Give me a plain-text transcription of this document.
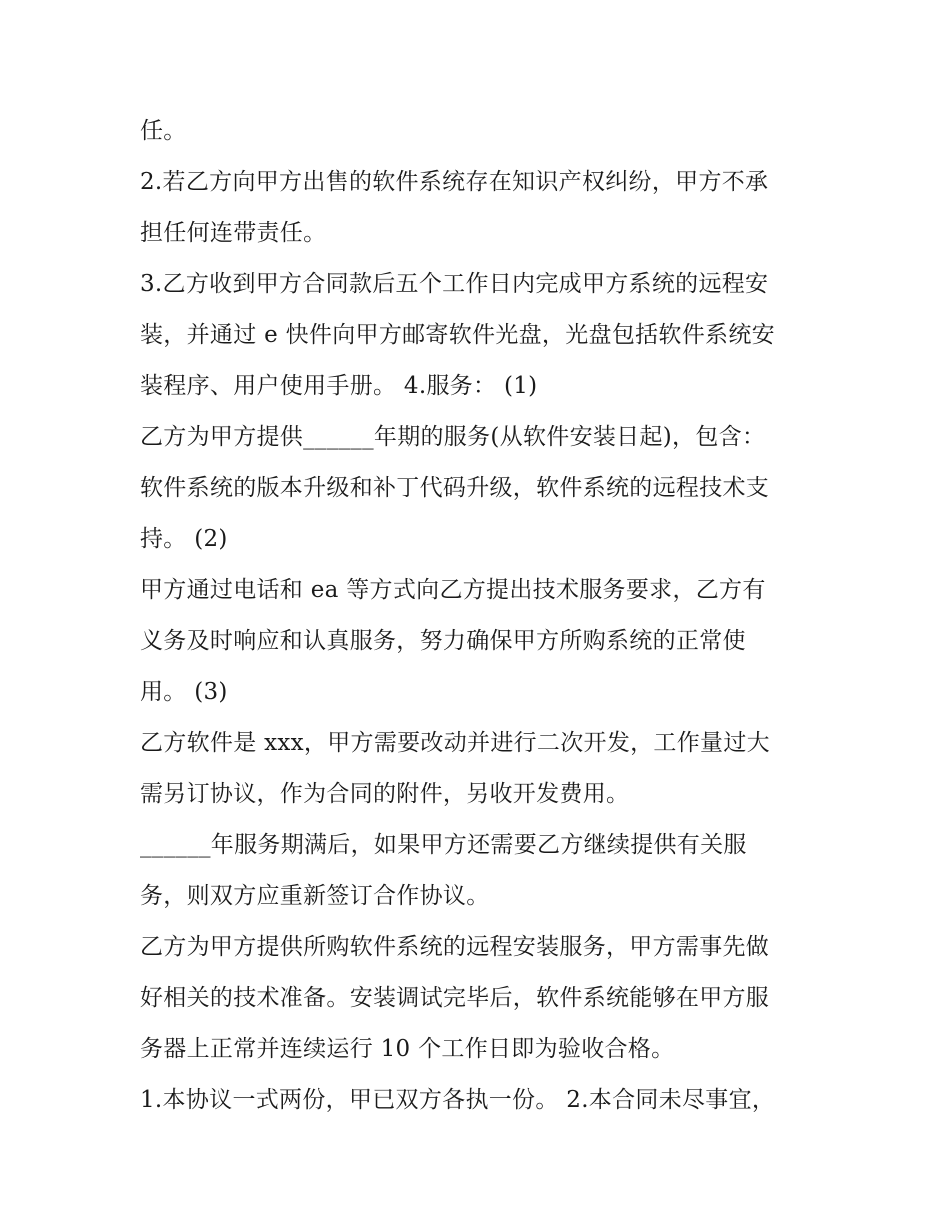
任。
2.若乙方向甲方出售的软件系统存在知识产权纠纷，甲方不承
担任何连带责任。
3.乙方收到甲方合同款后五个工作日内完成甲方系统的远程安
装，并通过 e 快件向甲方邮寄软件光盘，光盘包括软件系统安
装程序、用户使用手册。 4.服务： (1)
乙方为甲方提供______年期的服务(从软件安装日起)，包含：
软件系统的版本升级和补丁代码升级，软件系统的远程技术支
持。 (2)
甲方通过电话和 ea 等方式向乙方提出技术服务要求，乙方有
义务及时响应和认真服务，努力确保甲方所购系统的正常使
用。 (3)
乙方软件是 xxx，甲方需要改动并进行二次开发，工作量过大
需另订协议，作为合同的附件，另收开发费用。
______年服务期满后，如果甲方还需要乙方继续提供有关服
务，则双方应重新签订合作协议。
乙方为甲方提供所购软件系统的远程安装服务，甲方需事先做
好相关的技术准备。安装调试完毕后，软件系统能够在甲方服
务器上正常并连续运行 10 个工作日即为验收合格。
1.本协议一式两份，甲已双方各执一份。 2.本合同未尽事宜，
